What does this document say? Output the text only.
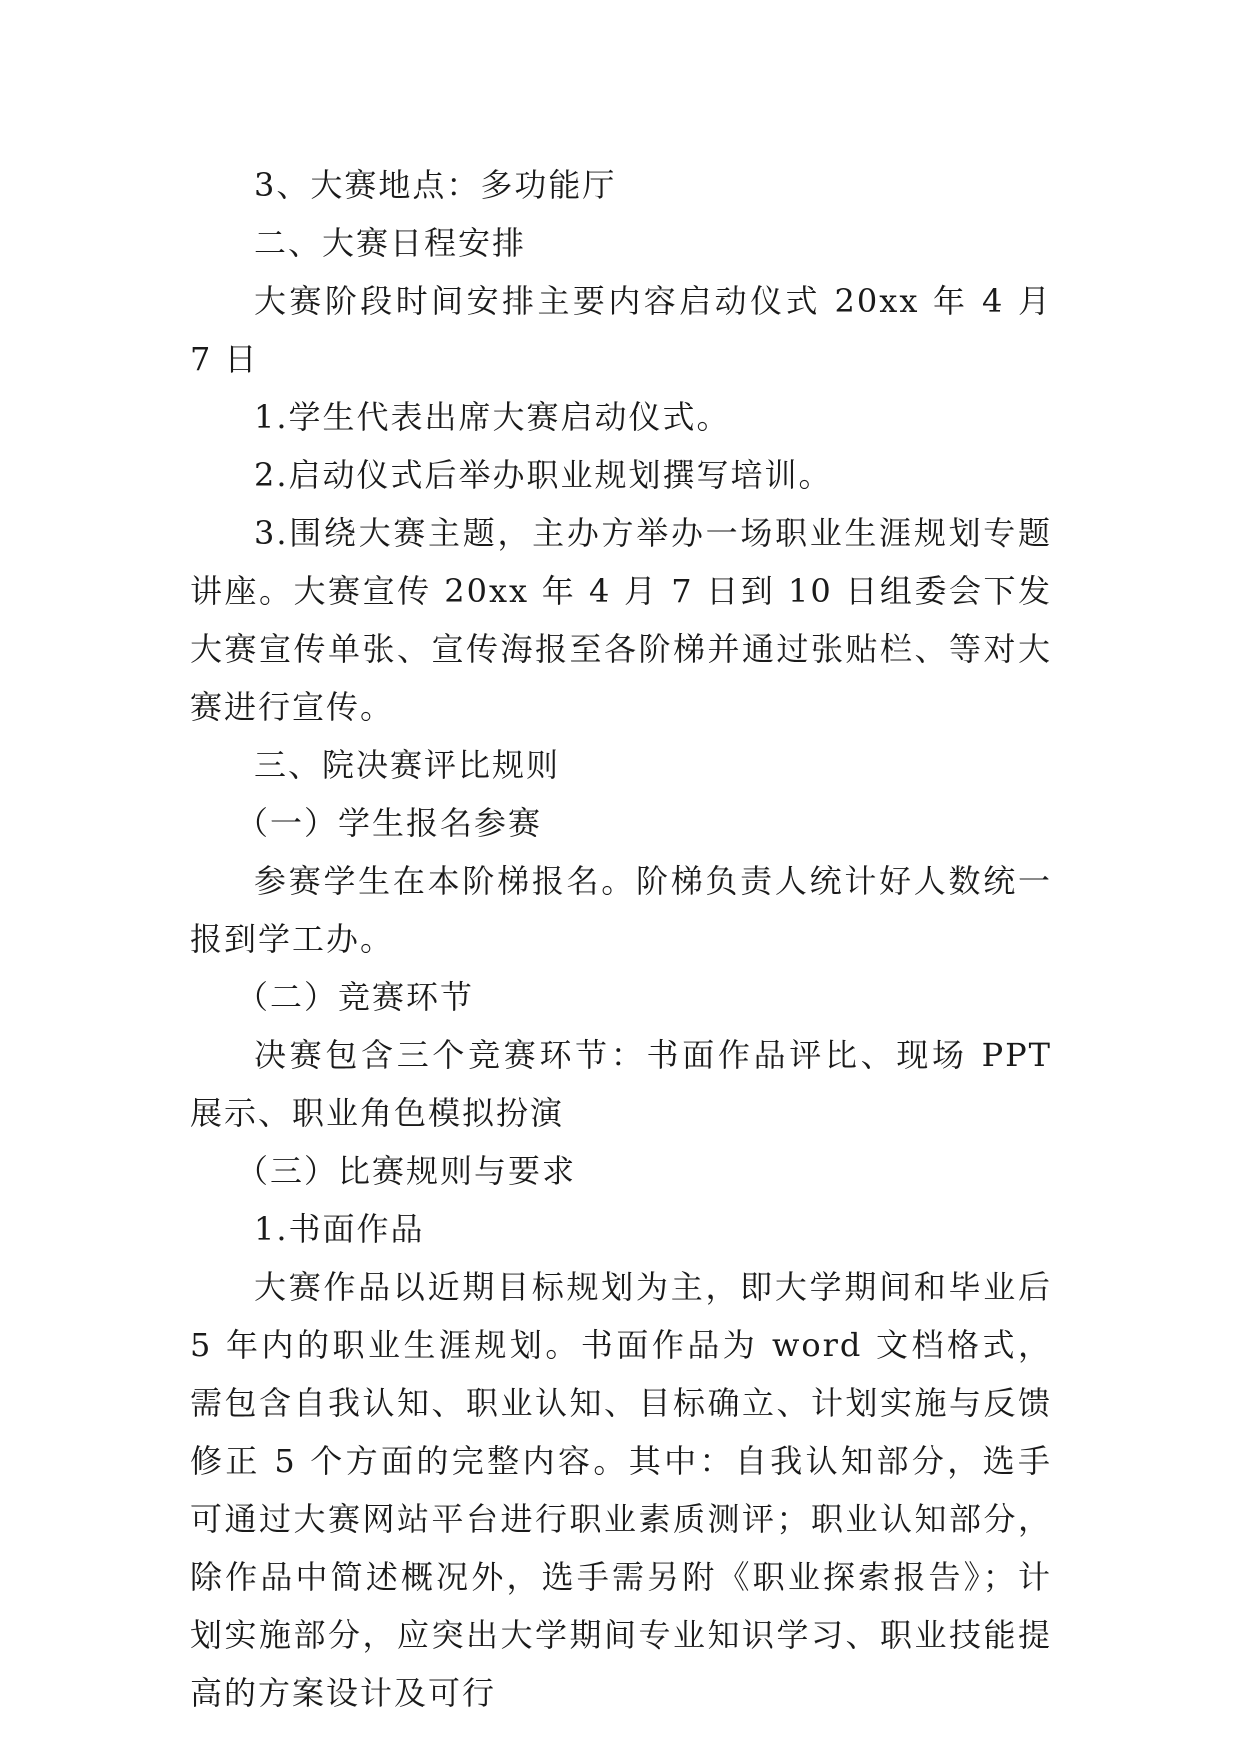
3、大赛地点：多功能厅

二、大赛日程安排

大赛阶段时间安排主要内容启动仪式 20xx 年 4 月 7 日

1.学生代表出席大赛启动仪式。

2.启动仪式后举办职业规划撰写培训。

3.围绕大赛主题，主办方举办一场职业生涯规划专题讲座。大赛宣传 20xx 年 4 月 7 日到 10 日组委会下发大赛宣传单张、宣传海报至各阶梯并通过张贴栏、等对大赛进行宣传。

三、院决赛评比规则

（一）学生报名参赛

参赛学生在本阶梯报名。阶梯负责人统计好人数统一报到学工办。

（二）竞赛环节

决赛包含三个竞赛环节：书面作品评比、现场 PPT 展示、职业角色模拟扮演

（三）比赛规则与要求

1.书面作品

大赛作品以近期目标规划为主，即大学期间和毕业后 5 年内的职业生涯规划。书面作品为 word 文档格式，需包含自我认知、职业认知、目标确立、计划实施与反馈修正 5 个方面的完整内容。其中：自我认知部分，选手可通过大赛网站平台进行职业素质测评；职业认知部分，除作品中简述概况外，选手需另附《职业探索报告》；计划实施部分，应突出大学期间专业知识学习、职业技能提高的方案设计及可行
